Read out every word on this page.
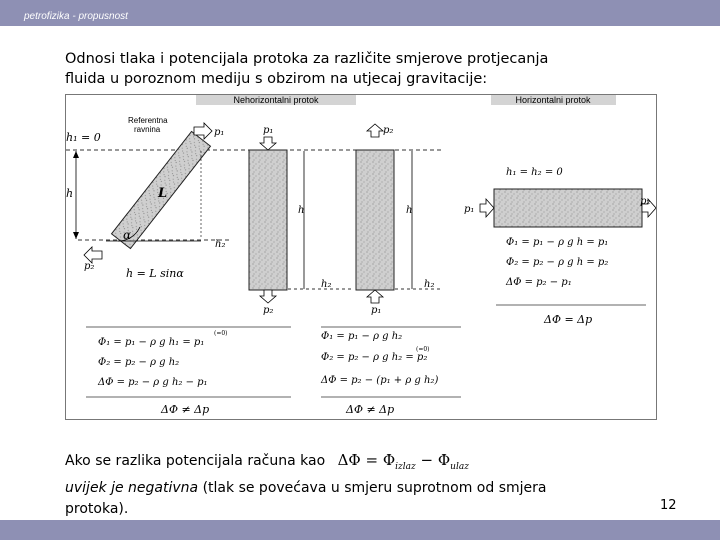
petrofizika - propusnost
Odnosi tlaka i potencijala protoka za različite smjerove protjecanja
fluida u poroznom mediju s obzirom na utjecaj gravitacije:
Nehorizontalni protok	Horizontalni protok
h₁ = 0
Referentna
ravnina
h	L
α
p₁
p₂
h₂
h = L sinα
p₁
p₂
h
h₂
p₂
p₁
h
h₂
h₁ = h₂ = 0
p₁
p₂
Φ₁ = p₁ − ρ g h = p₁
Φ₂ = p₂ − ρ g h = p₂
ΔΦ = p₂ − p₁
ΔΦ = Δp
Φ₁ = p₁ − ρ g h₁ = p₁
Φ₂ = p₂ − ρ g h₂
ΔΦ = p₂ − ρ g h₂ − p₁
(=0)
ΔΦ ≠ Δp
Φ₁ = p₁ − ρ g h₂
Φ₂ = p₂ − ρ g h₂ = p₂
ΔΦ = p₂ − (p₁ + ρ g h₂)
(=0)
ΔΦ ≠ Δp
Ako se razlika potencijala računa kao $\Delta\Phi = \Phi_{izlaz} - \Phi_{ulaz}$
uvijek je negativna (tlak se povećava u smjeru suprotnom od smjera
protoka).	12
